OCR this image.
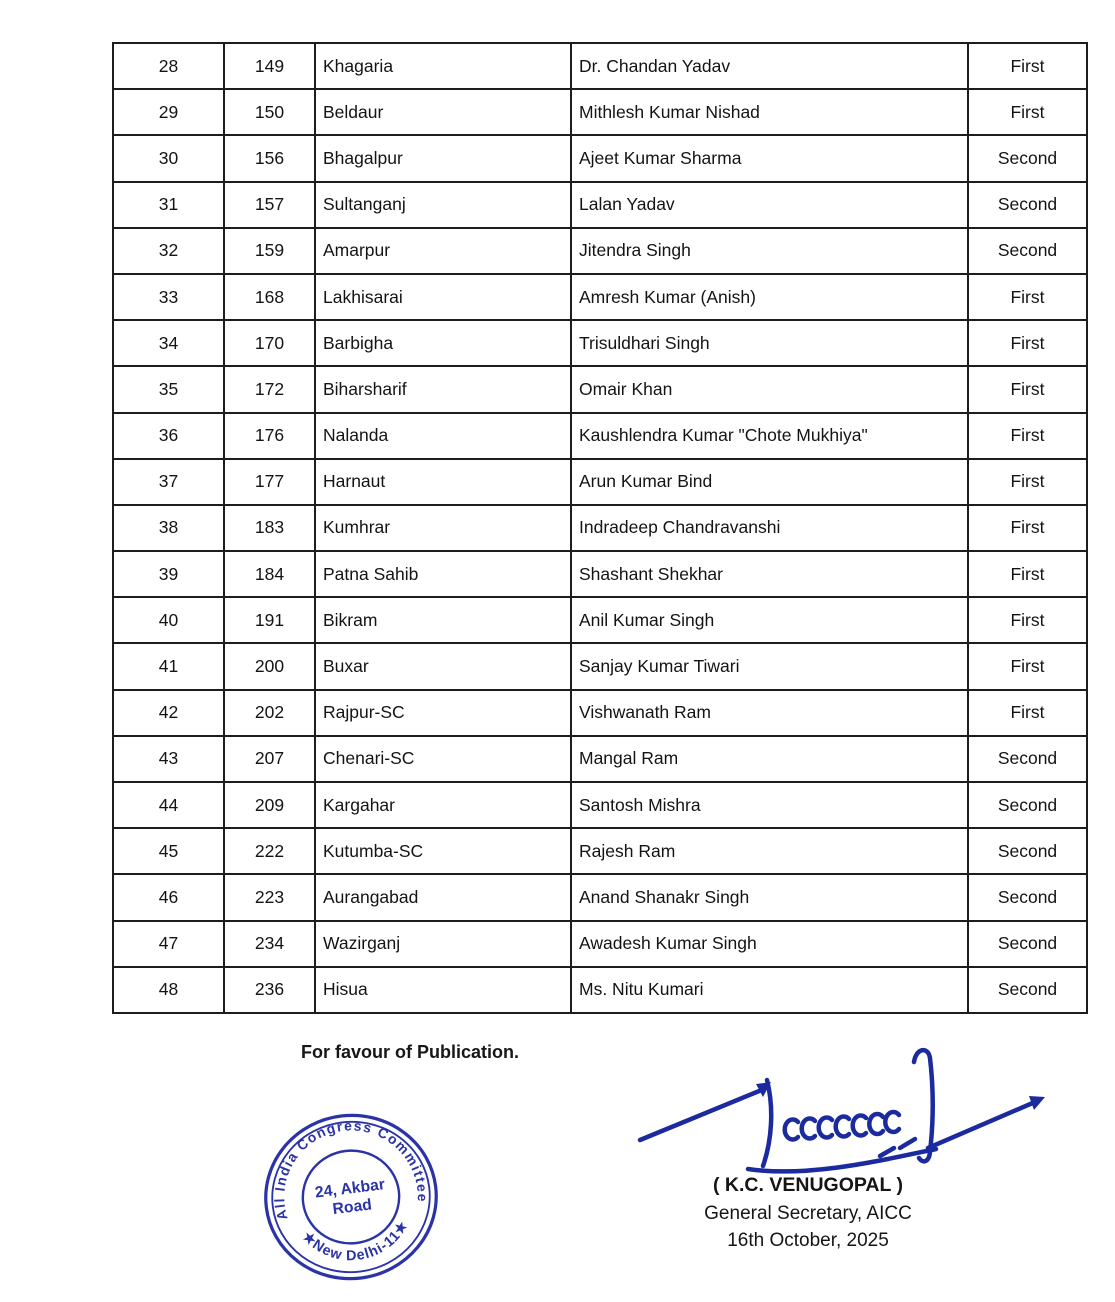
28	149	Khagaria	Dr. Chandan Yadav	First
29	150	Beldaur	Mithlesh Kumar Nishad	First
30	156	Bhagalpur	Ajeet Kumar Sharma	Second
31	157	Sultanganj	Lalan Yadav	Second
32	159	Amarpur	Jitendra Singh	Second
33	168	Lakhisarai	Amresh Kumar (Anish)	First
34	170	Barbigha	Trisuldhari Singh	First
35	172	Biharsharif	Omair Khan	First
36	176	Nalanda	Kaushlendra Kumar "Chote Mukhiya"	First
37	177	Harnaut	Arun Kumar Bind	First
38	183	Kumhrar	Indradeep Chandravanshi	First
39	184	Patna Sahib	Shashant Shekhar	First
40	191	Bikram	Anil Kumar Singh	First
41	200	Buxar	Sanjay Kumar Tiwari	First
42	202	Rajpur-SC	Vishwanath Ram	First
43	207	Chenari-SC	Mangal Ram	Second
44	209	Kargahar	Santosh Mishra	Second
45	222	Kutumba-SC	Rajesh Ram	Second
46	223	Aurangabad	Anand Shanakr Singh	Second
47	234	Wazirganj	Awadesh Kumar Singh	Second
48	236	Hisua	Ms. Nitu Kumari	Second
For favour of Publication.
All India Congress Committee
★New Delhi-11★
24, Akbar
Road
( K.C. VENUGOPAL )
General Secretary, AICC
16th October, 2025
